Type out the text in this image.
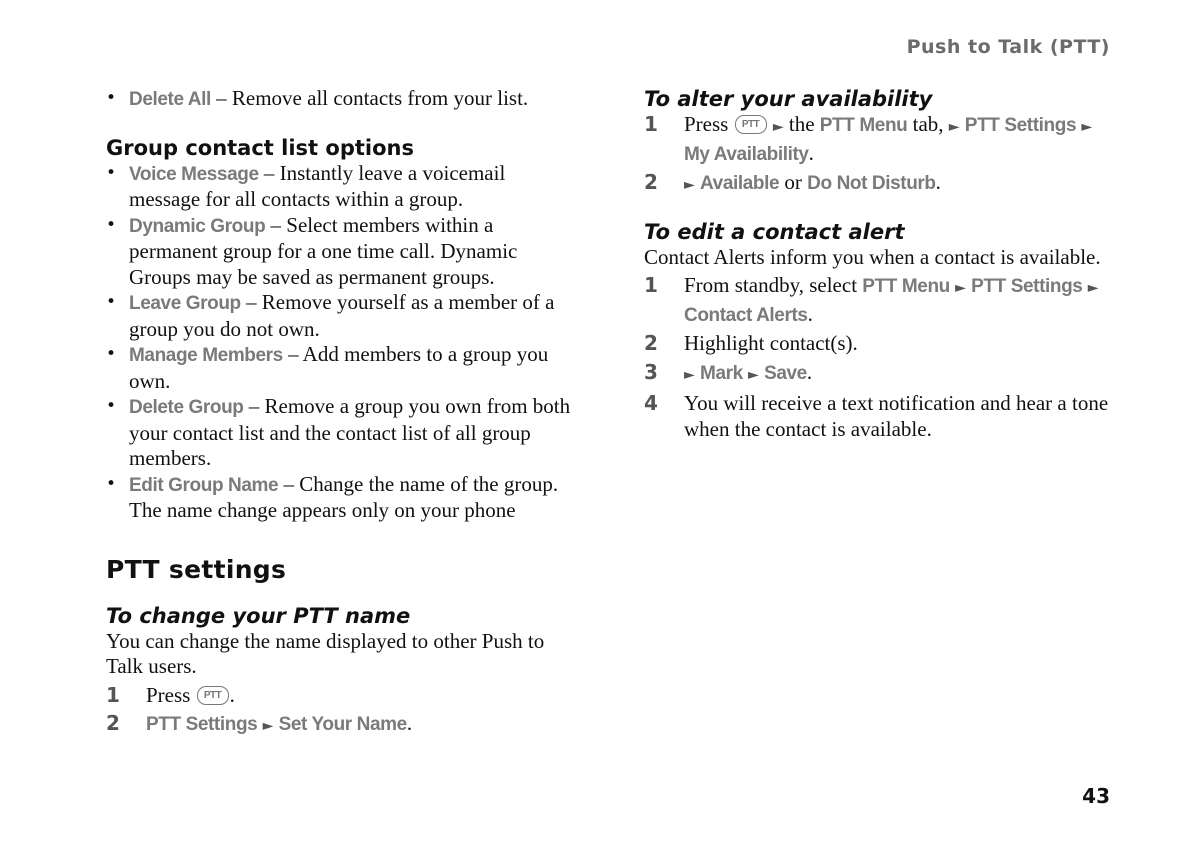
Push to Talk (PTT)
• Delete All – Remove all contacts from your list.
Group contact list options
• Voice Message – Instantly leave a voicemail message for all contacts within a group.
• Dynamic Group – Select members within a permanent group for a one time call. Dynamic Groups may be saved as permanent groups.
• Leave Group – Remove yourself as a member of a group you do not own.
• Manage Members – Add members to a group you own.
• Delete Group – Remove a group you own from both your contact list and the contact list of all group members.
• Edit Group Name – Change the name of the group. The name change appears only on your phone
PTT settings
To change your PTT name

You can change the name displayed to other Push to Talk users.

1 Press PTT .
2 PTT Settings ► Set Your Name.
To alter your availability
1 Press PTT ► the PTT Menu tab, ► PTT Settings ► My Availability.
2 ► Available or Do Not Disturb.
To edit a contact alert

Contact Alerts inform you when a contact is available.

1 From standby, select PTT Menu ► PTT Settings ► Contact Alerts.
2 Highlight contact(s).
3 ► Mark ► Save.
4 You will receive a text notification and hear a tone when the contact is available.
43
